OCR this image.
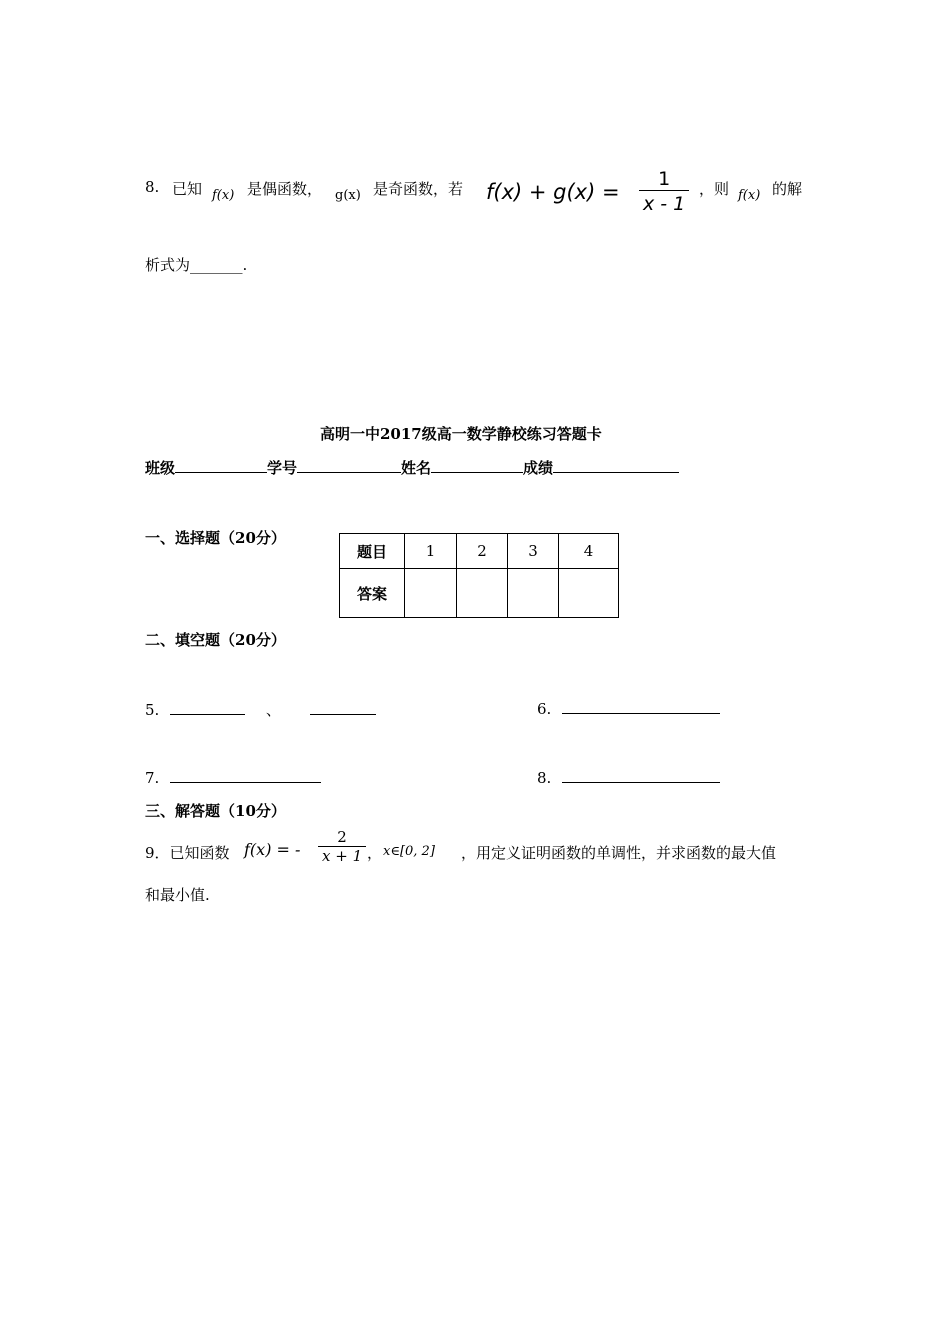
8. 已知 f(x) 是偶函数， g(x) 是奇函数，若 $f(x) + g(x) = \frac{1}{x - 1}$ ，则 f(x) 的解
析式为_______.
高明一中2017级高一数学静校练习答题卡
班级	学号	姓名	成绩
一、选择题（20分）
题目	1	2	3	4
答案				
二、填空题（20分）
5.	、	6.
7.	8.
三、解答题（10分）
9．已知函数 f(x) = - $\frac{2}{x + 1}$ ， x∈[0, 2] ，用定义证明函数的单调性，并求函数的最大值
和最小值.
